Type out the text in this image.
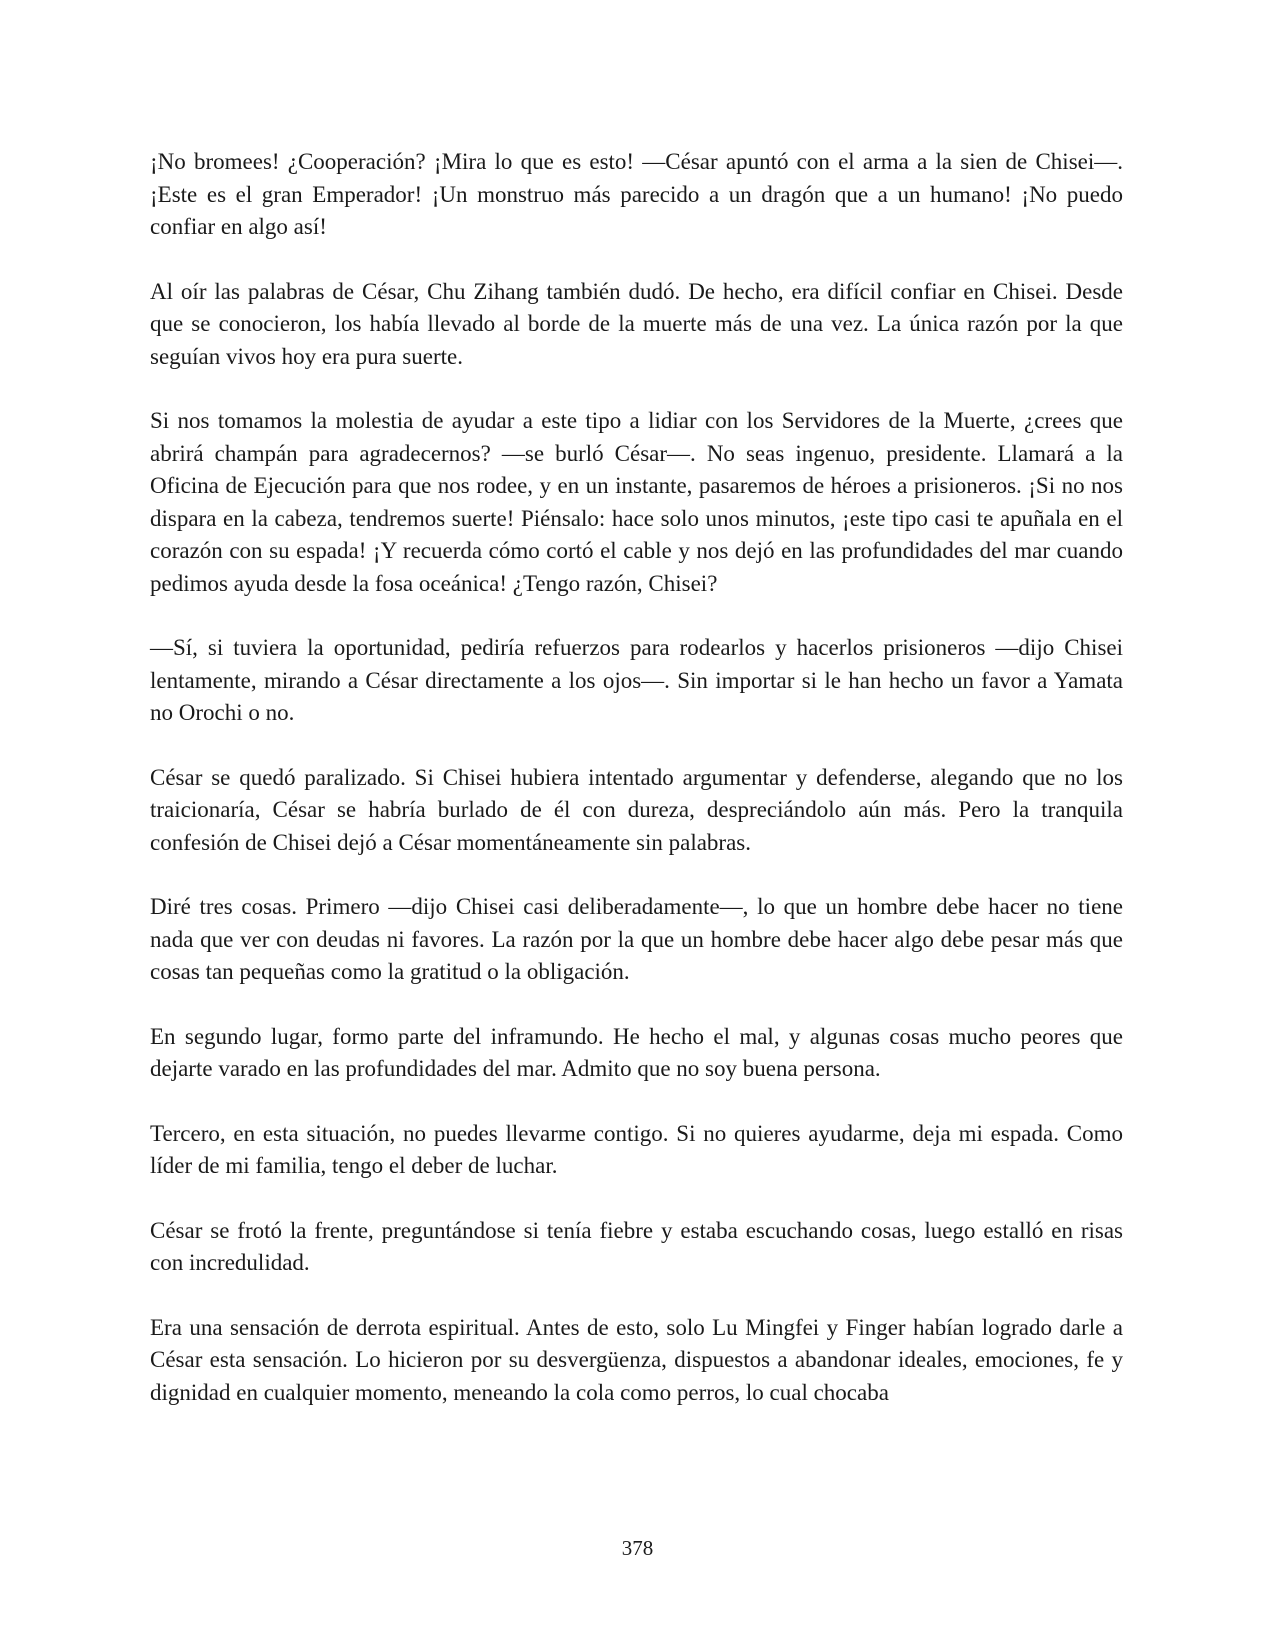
¡No bromees! ¿Cooperación? ¡Mira lo que es esto! —César apuntó con el arma a la sien de Chisei—. ¡Este es el gran Emperador! ¡Un monstruo más parecido a un dragón que a un humano! ¡No puedo confiar en algo así!

Al oír las palabras de César, Chu Zihang también dudó. De hecho, era difícil confiar en Chisei. Desde que se conocieron, los había llevado al borde de la muerte más de una vez. La única razón por la que seguían vivos hoy era pura suerte.

Si nos tomamos la molestia de ayudar a este tipo a lidiar con los Servidores de la Muerte, ¿crees que abrirá champán para agradecernos? —se burló César—. No seas ingenuo, presidente. Llamará a la Oficina de Ejecución para que nos rodee, y en un instante, pasaremos de héroes a prisioneros. ¡Si no nos dispara en la cabeza, tendremos suerte! Piénsalo: hace solo unos minutos, ¡este tipo casi te apuñala en el corazón con su espada! ¡Y recuerda cómo cortó el cable y nos dejó en las profundidades del mar cuando pedimos ayuda desde la fosa oceánica! ¿Tengo razón, Chisei?

—Sí, si tuviera la oportunidad, pediría refuerzos para rodearlos y hacerlos prisioneros —dijo Chisei lentamente, mirando a César directamente a los ojos—. Sin importar si le han hecho un favor a Yamata no Orochi o no.

César se quedó paralizado. Si Chisei hubiera intentado argumentar y defenderse, alegando que no los traicionaría, César se habría burlado de él con dureza, despreciándolo aún más. Pero la tranquila confesión de Chisei dejó a César momentáneamente sin palabras.

Diré tres cosas. Primero —dijo Chisei casi deliberadamente—, lo que un hombre debe hacer no tiene nada que ver con deudas ni favores. La razón por la que un hombre debe hacer algo debe pesar más que cosas tan pequeñas como la gratitud o la obligación.

En segundo lugar, formo parte del inframundo. He hecho el mal, y algunas cosas mucho peores que dejarte varado en las profundidades del mar. Admito que no soy buena persona.

Tercero, en esta situación, no puedes llevarme contigo. Si no quieres ayudarme, deja mi espada. Como líder de mi familia, tengo el deber de luchar.

César se frotó la frente, preguntándose si tenía fiebre y estaba escuchando cosas, luego estalló en risas con incredulidad.

Era una sensación de derrota espiritual. Antes de esto, solo Lu Mingfei y Finger habían logrado darle a César esta sensación. Lo hicieron por su desvergüenza, dispuestos a abandonar ideales, emociones, fe y dignidad en cualquier momento, meneando la cola como perros, lo cual chocaba

378
